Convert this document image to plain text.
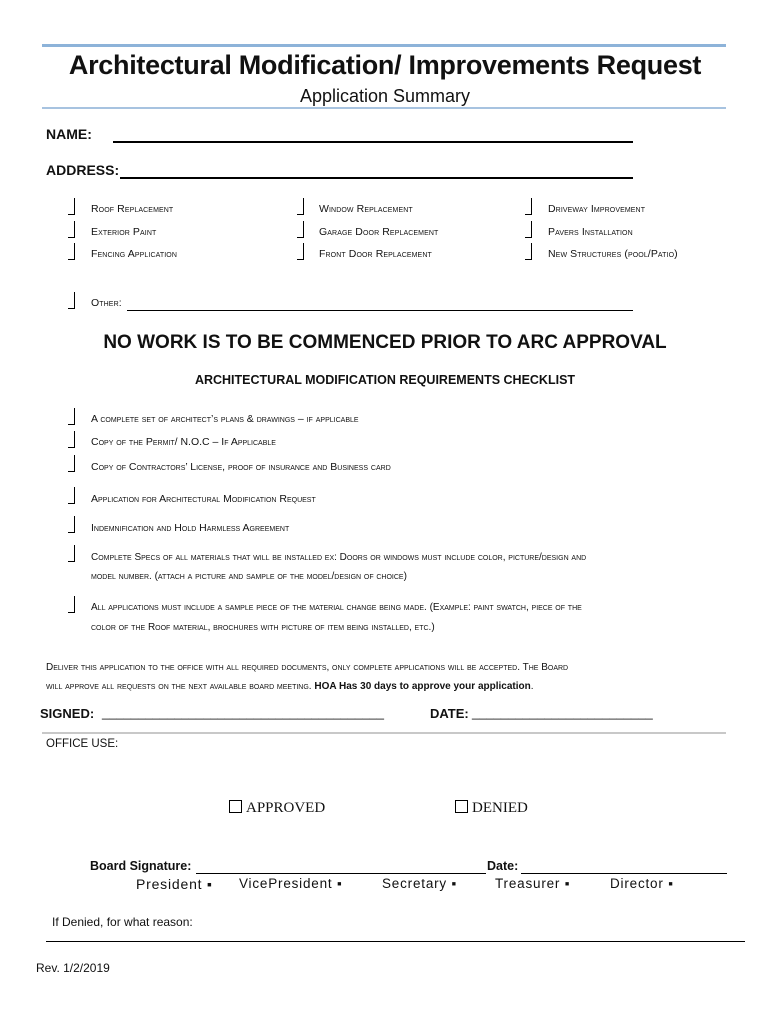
Architectural Modification/ Improvements Request
Application Summary
NAME:
ADDRESS:
Roof Replacement	Window Replacement	Driveway Improvement
Exterior Paint	Garage Door Replacement	Pavers Installation
Fencing Application	Front Door Replacement	New Structures (pool/Patio)
Other:
NO WORK IS TO BE COMMENCED PRIOR TO ARC APPROVAL
ARCHITECTURAL MODIFICATION REQUIREMENTS CHECKLIST
A complete set of architect’s plans & drawings – if applicable
Copy of the Permit/ N.O.C – If Applicable
Copy of Contractors’ License, proof of insurance and Business card
Application for Architectural Modification Request
Indemnification and Hold Harmless Agreement
Complete Specs of all materials that will be installed ex: Doors or windows must include color, picture/design and
model number. (attach a picture and sample of the model/design of choice)
All applications must include a sample piece of the material change being made. (Example: paint swatch, piece of the
color of the Roof material, brochures with picture of item being installed, etc.)
Deliver this application to the office with all required documents, only complete applications will be accepted. The Board
will approve all requests on the next available board meeting. HOA Has 30 days to approve your application.
SIGNED: _______________________________________	DATE: _________________________
OFFICE USE:
APPROVED	DENIED
Board Signature:	Date:
President ▪ VicePresident ▪	Secretary ▪	Treasurer ▪	Director ▪
If Denied, for what reason:
Rev. 1/2/2019
